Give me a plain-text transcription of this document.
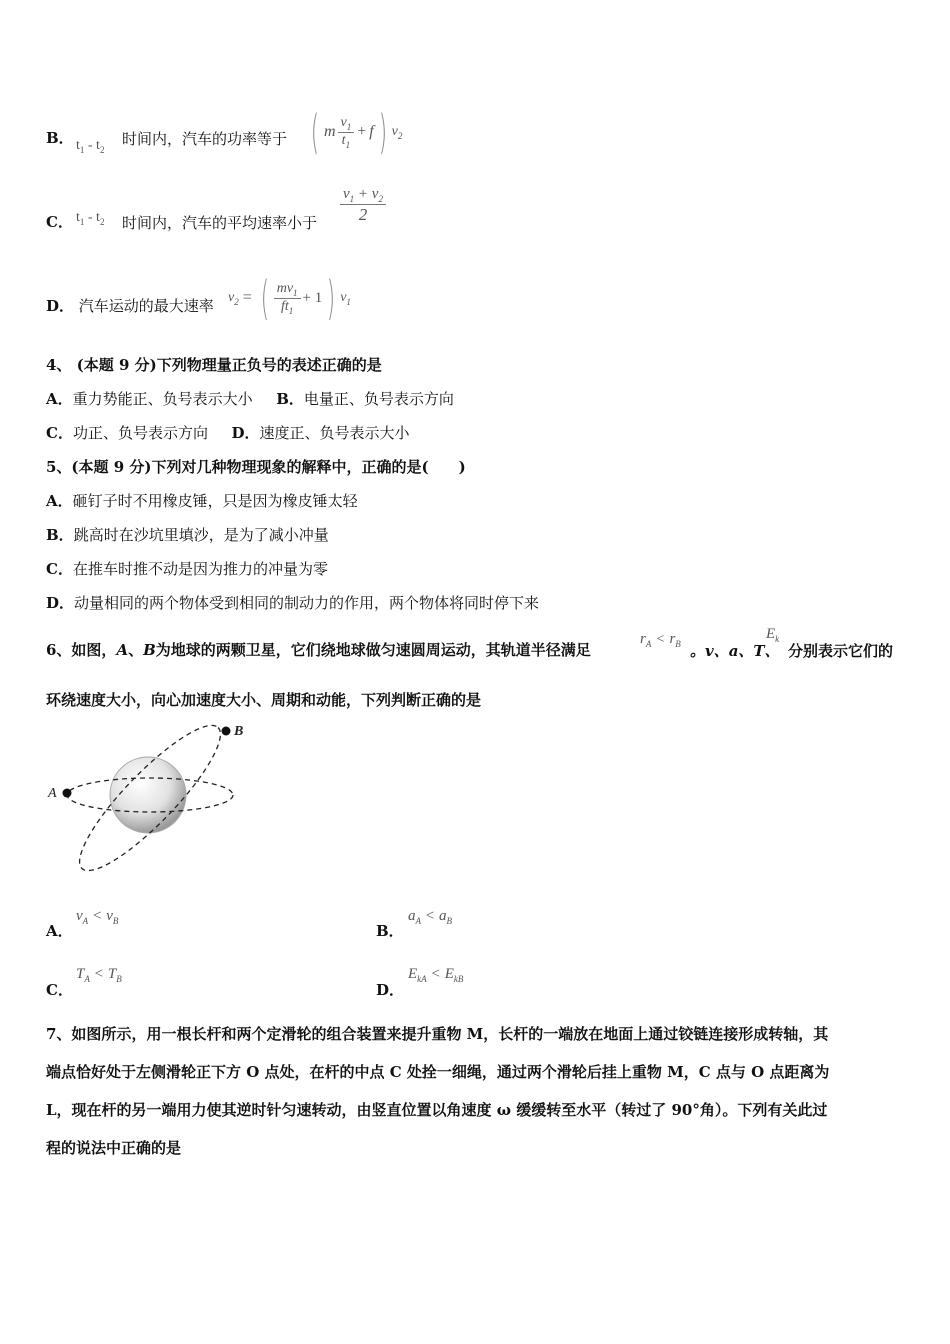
B． $t_1 - t_2$
时间内，汽车的功率等于 ( m $\frac{v_1}{t_1} + f$ ) $v_2$
C． $t_1 - t_2$ 时间内，汽车的平均速率小于 $\frac{v_1 + v_2}{2}$
D． 汽车运动的最大速率 $v_2$ = ( $\frac{mv_1}{ft_1} + 1$ ) $v_1$
4、 (本题 9 分)下列物理量正负号的表述正确的是
A．重力势能正、负号表示大小 B．电量正、负号表示方向
C．功正、负号表示方向 D．速度正、负号表示大小
5、(本题 9 分)下列对几种物理现象的解释中，正确的是(　　)
A．砸钉子时不用橡皮锤，只是因为橡皮锤太轻
B．跳高时在沙坑里填沙，是为了减小冲量
C．在推车时推不动是因为推力的冲量为零
D．动量相同的两个物体受到相同的制动力的作用，两个物体将同时停下来
6、如图，A、B为地球的两颗卫星，它们绕地球做匀速圆周运动，其轨道半径满足
$r_A < r_B$ 。v、a、T、
$E_k$
分别表示它们的
环绕速度大小，向心加速度大小、周期和动能，下列判断正确的是
A
B
A．
$v_A < v_B$
B．
$a_A < a_B$
C．
$T_A < T_B$
D．
$E_{kA} < E_{kB}$
7、如图所示，用一根长杆和两个定滑轮的组合装置来提升重物 M，长杆的一端放在地面上通过铰链连接形成转轴，其
端点恰好处于左侧滑轮正下方 O 点处，在杆的中点 C 处拴一细绳，通过两个滑轮后挂上重物 M，C 点与 O 点距离为
L，现在杆的另一端用力使其逆时针匀速转动，由竖直位置以角速度 ω 缓缓转至水平（转过了 90°角）。下列有关此过
程的说法中正确的是
